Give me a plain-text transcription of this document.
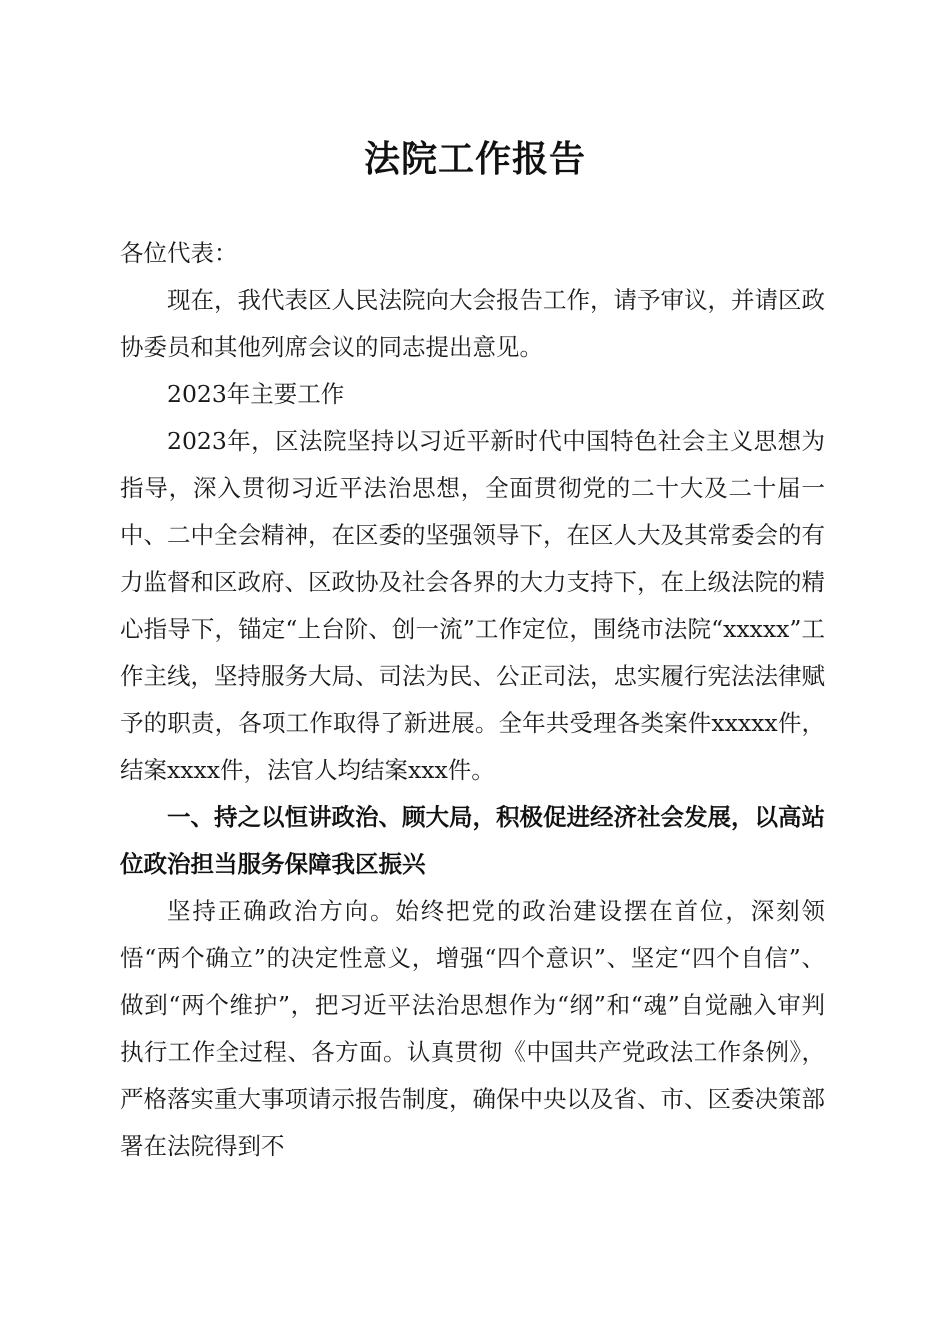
法院工作报告

各位代表：

现在，我代表区人民法院向大会报告工作，请予审议，并请区政协委员和其他列席会议的同志提出意见。

2023年主要工作

2023年，区法院坚持以习近平新时代中国特色社会主义思想为指导，深入贯彻习近平法治思想，全面贯彻党的二十大及二十届一中、二中全会精神，在区委的坚强领导下，在区人大及其常委会的有力监督和区政府、区政协及社会各界的大力支持下，在上级法院的精心指导下，锚定“上台阶、创一流”工作定位，围绕市法院“xxxxx”工作主线，坚持服务大局、司法为民、公正司法，忠实履行宪法法律赋予的职责，各项工作取得了新进展。全年共受理各类案件xxxxx件，结案xxxx件，法官人均结案xxx件。

一、持之以恒讲政治、顾大局，积极促进经济社会发展，以高站位政治担当服务保障我区振兴

坚持正确政治方向。始终把党的政治建设摆在首位，深刻领悟“两个确立”的决定性意义，增强“四个意识”、坚定“四个自信”、做到“两个维护”，把习近平法治思想作为“纲”和“魂”自觉融入审判执行工作全过程、各方面。认真贯彻《中国共产党政法工作条例》，严格落实重大事项请示报告制度，确保中央以及省、市、区委决策部署在法院得到不
